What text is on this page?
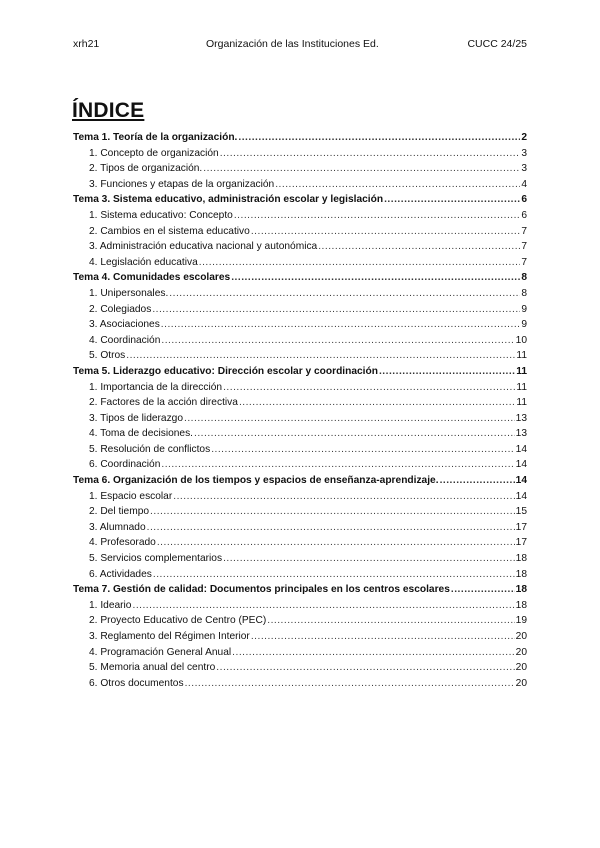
xrh21	Organización de las Instituciones Ed.	CUCC 24/25
ÍNDICE
Tema 1. Teoría de la organización. .....	2
1. Concepto de organización .....	3
2. Tipos de organización. .....	3
3. Funciones y etapas de la organización .....	4
Tema 3. Sistema educativo, administración escolar y legislación .....	6
1. Sistema educativo: Concepto .....	6
2. Cambios en el sistema educativo .....	7
3. Administración educativa nacional y autonómica .....	7
4. Legislación educativa .....	7
Tema 4. Comunidades escolares .....	8
1. Unipersonales. .....	8
2. Colegiados .....	9
3. Asociaciones .....	9
4. Coordinación .....	10
5. Otros .....	11
Tema 5. Liderazgo educativo: Dirección escolar y coordinación .....	11
1. Importancia de la dirección .....	11
2. Factores de la acción directiva .....	11
3. Tipos de liderazgo .....	13
4. Toma de decisiones. .....	13
5. Resolución de conflictos .....	14
6. Coordinación .....	14
Tema 6. Organización de los tiempos y espacios de enseñanza-aprendizaje. .....	14
1. Espacio escolar .....	14
2. Del tiempo .....	15
3. Alumnado .....	17
4. Profesorado .....	17
5. Servicios complementarios .....	18
6. Actividades .....	18
Tema 7. Gestión de calidad: Documentos principales en los centros escolares .....	18
1. Ideario .....	18
2. Proyecto Educativo de Centro (PEC) .....	19
3. Reglamento del Régimen Interior .....	20
4. Programación General Anual .....	20
5. Memoria anual del centro .....	20
6. Otros documentos .....	20
